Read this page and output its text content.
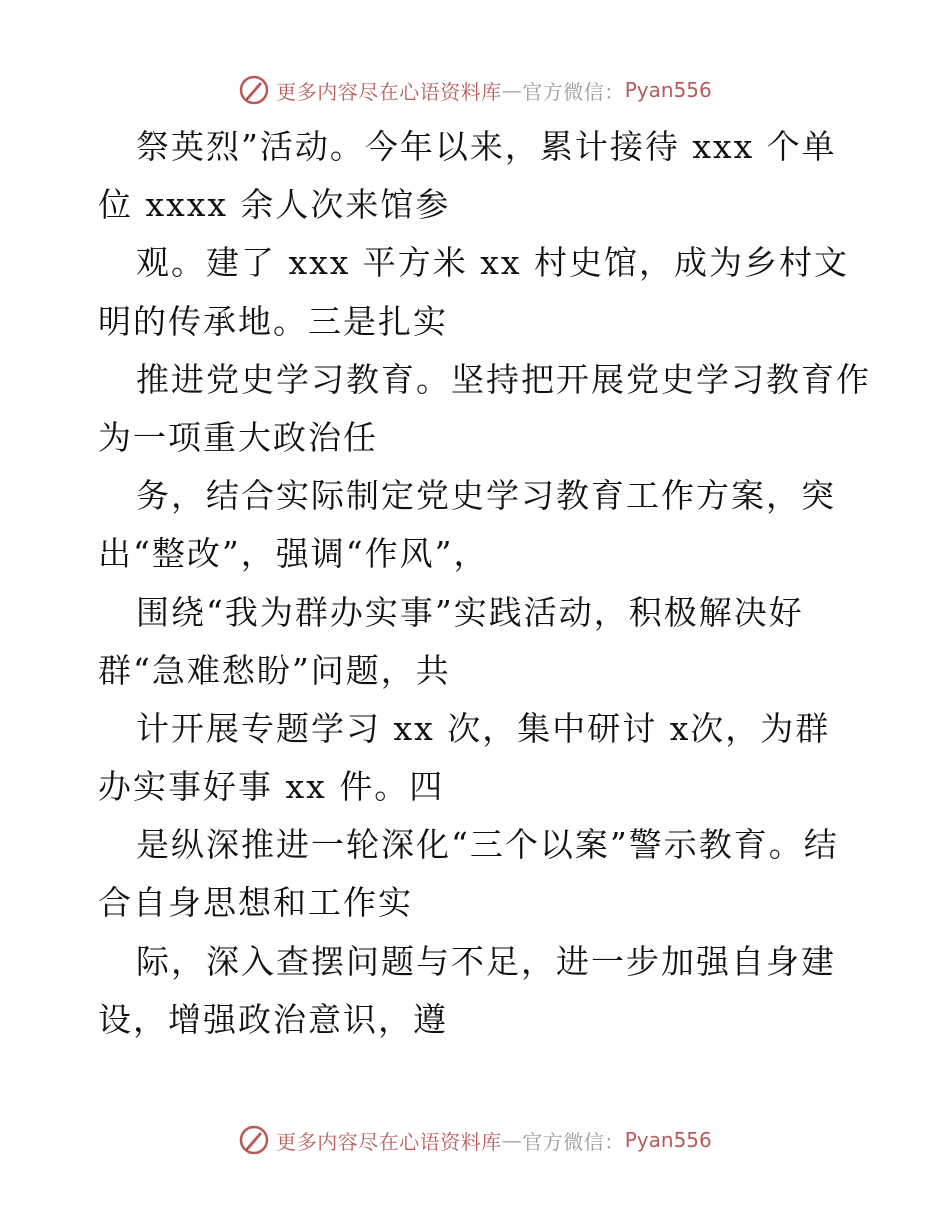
更多内容尽在心语资料库 — 官方微信： Pyan556
祭英烈”活动。今年以来，累计接待 xxx 个单
位 xxxx 余人次来馆参
观。建了 xxx 平方米 xx 村史馆，成为乡村文
明的传承地。三是扎实
推进党史学习教育。坚持把开展党史学习教育作
为一项重大政治任
务，结合实际制定党史学习教育工作方案，突
出“整改”，强调“作风”，
围绕“我为群办实事”实践活动，积极解决好
群“急难愁盼”问题，共
计开展专题学习 xx 次，集中研讨 x次，为群
办实事好事 xx 件。四
是纵深推进一轮深化“三个以案”警示教育。结
合自身思想和工作实
际，深入查摆问题与不足，进一步加强自身建
设，增强政治意识，遵
更多内容尽在心语资料库 — 官方微信： Pyan556
